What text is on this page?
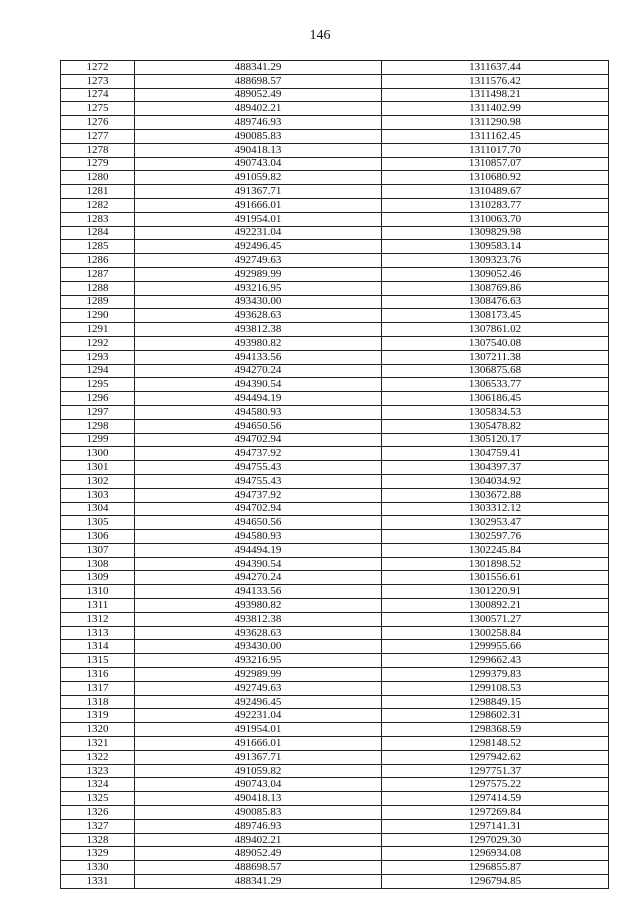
146
1272	488341.29	1311637.44
1273	488698.57	1311576.42
1274	489052.49	1311498.21
1275	489402.21	1311402.99
1276	489746.93	1311290.98
1277	490085.83	1311162.45
1278	490418.13	1311017.70
1279	490743.04	1310857.07
1280	491059.82	1310680.92
1281	491367.71	1310489.67
1282	491666.01	1310283.77
1283	491954.01	1310063.70
1284	492231.04	1309829.98
1285	492496.45	1309583.14
1286	492749.63	1309323.76
1287	492989.99	1309052.46
1288	493216.95	1308769.86
1289	493430.00	1308476.63
1290	493628.63	1308173.45
1291	493812.38	1307861.02
1292	493980.82	1307540.08
1293	494133.56	1307211.38
1294	494270.24	1306875.68
1295	494390.54	1306533.77
1296	494494.19	1306186.45
1297	494580.93	1305834.53
1298	494650.56	1305478.82
1299	494702.94	1305120.17
1300	494737.92	1304759.41
1301	494755.43	1304397.37
1302	494755.43	1304034.92
1303	494737.92	1303672.88
1304	494702.94	1303312.12
1305	494650.56	1302953.47
1306	494580.93	1302597.76
1307	494494.19	1302245.84
1308	494390.54	1301898.52
1309	494270.24	1301556.61
1310	494133.56	1301220.91
1311	493980.82	1300892.21
1312	493812.38	1300571.27
1313	493628.63	1300258.84
1314	493430.00	1299955.66
1315	493216.95	1299662.43
1316	492989.99	1299379.83
1317	492749.63	1299108.53
1318	492496.45	1298849.15
1319	492231.04	1298602.31
1320	491954.01	1298368.59
1321	491666.01	1298148.52
1322	491367.71	1297942.62
1323	491059.82	1297751.37
1324	490743.04	1297575.22
1325	490418.13	1297414.59
1326	490085.83	1297269.84
1327	489746.93	1297141.31
1328	489402.21	1297029.30
1329	489052.49	1296934.08
1330	488698.57	1296855.87
1331	488341.29	1296794.85
